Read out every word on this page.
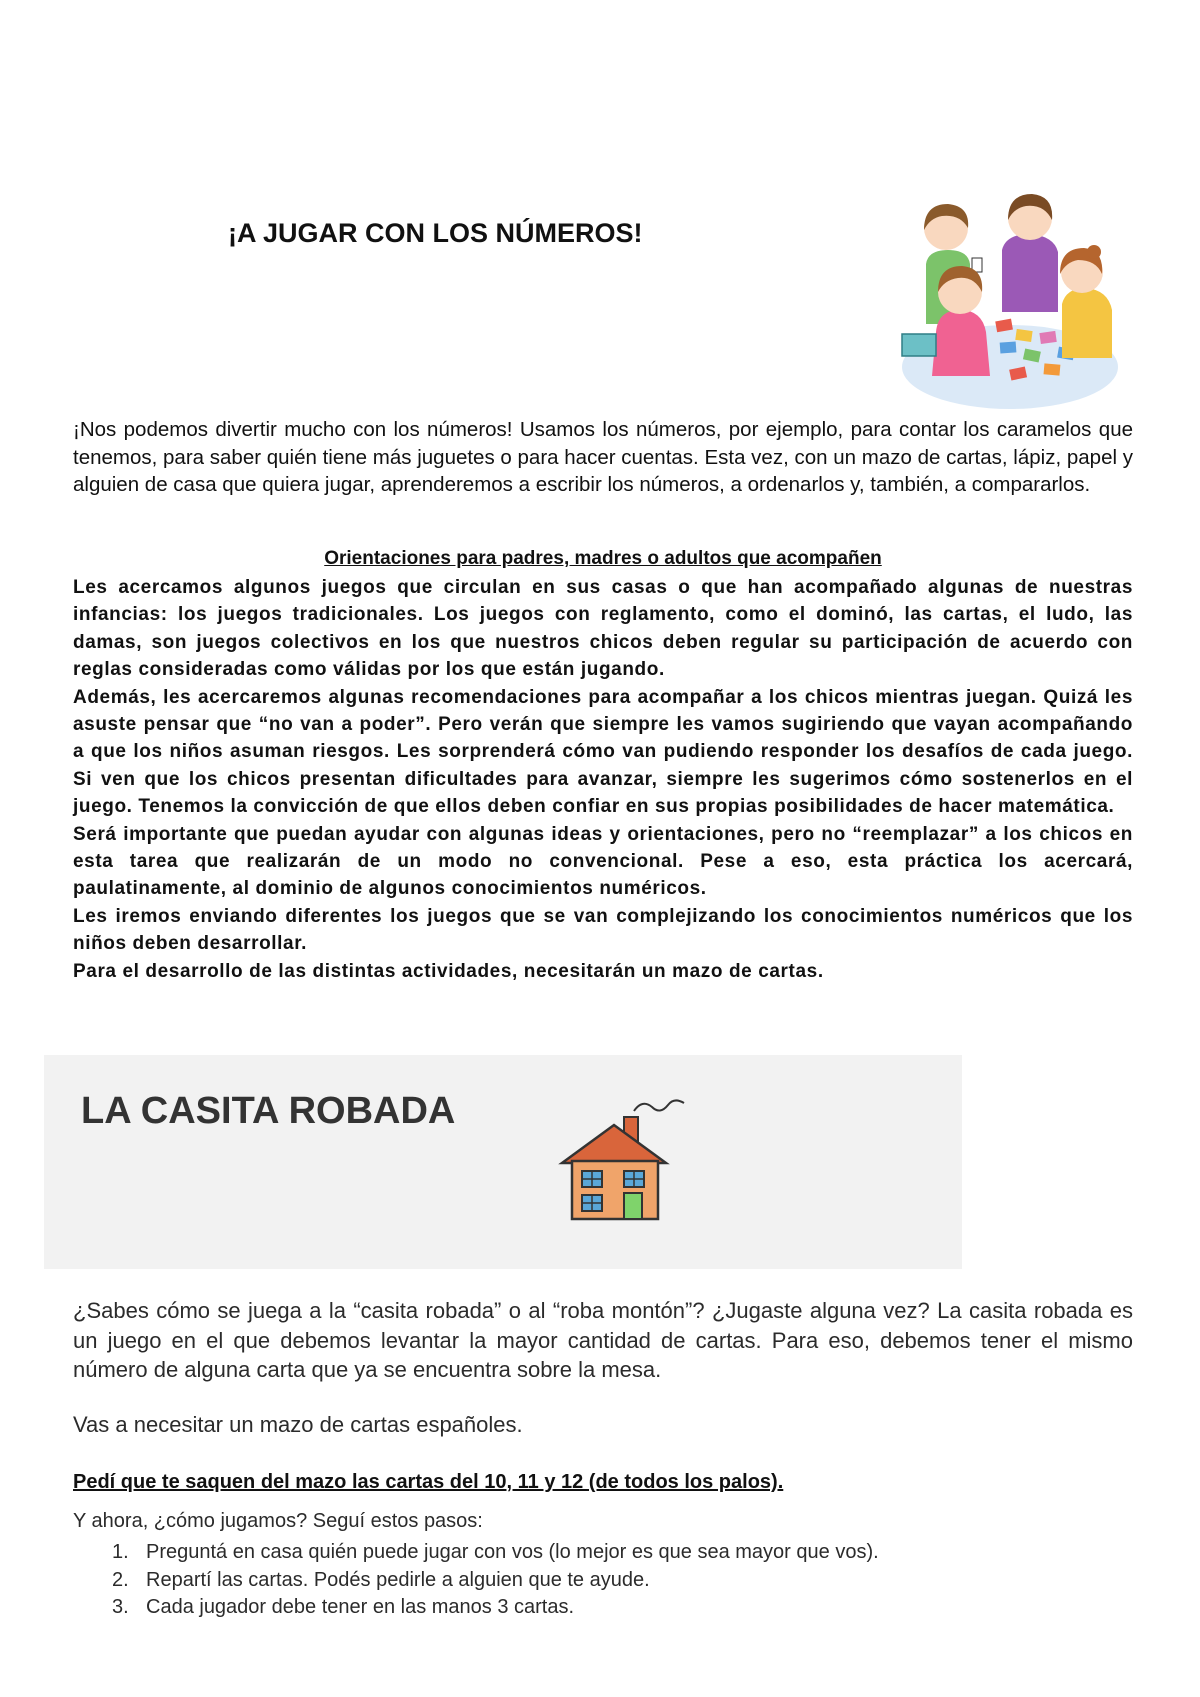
¡A JUGAR CON LOS NÚMEROS!

¡Nos podemos divertir mucho con los números! Usamos los números, por ejemplo, para contar los caramelos que tenemos, para saber quién tiene más juguetes o para hacer cuentas. Esta vez, con un mazo de cartas, lápiz, papel y alguien de casa que quiera jugar, aprenderemos a escribir los números, a ordenarlos y, también, a compararlos.

Orientaciones para padres, madres o adultos que acompañen

Les acercamos algunos juegos que circulan en sus casas o que han acompañado algunas de nuestras infancias: los juegos tradicionales. Los juegos con reglamento, como el dominó, las cartas, el ludo, las damas, son juegos colectivos en los que nuestros chicos deben regular su participación de acuerdo con reglas consideradas como válidas por los que están jugando.

Además, les acercaremos algunas recomendaciones para acompañar a los chicos mientras juegan. Quizá les asuste pensar que “no van a poder”. Pero verán que siempre les vamos sugiriendo que vayan acompañando a que los niños asuman riesgos. Les sorprenderá cómo van pudiendo responder los desafíos de cada juego. Si ven que los chicos presentan dificultades para avanzar, siempre les sugerimos cómo sostenerlos en el juego. Tenemos la convicción de que ellos deben confiar en sus propias posibilidades de hacer matemática.

Será importante que puedan ayudar con algunas ideas y orientaciones, pero no “reemplazar” a los chicos en esta tarea que realizarán de un modo no convencional. Pese a eso, esta práctica los acercará, paulatinamente, al dominio de algunos conocimientos numéricos.

Les iremos enviando diferentes los juegos que se van complejizando los conocimientos numéricos que los niños deben desarrollar.

Para el desarrollo de las distintas actividades, necesitarán un mazo de cartas.

LA CASITA ROBADA

¿Sabes cómo se juega a la “casita robada” o al “roba montón”? ¿Jugaste alguna vez? La casita robada es un juego en el que debemos levantar la mayor cantidad de cartas. Para eso, debemos tener el mismo número de alguna carta que ya se encuentra sobre la mesa.

Vas a necesitar un mazo de cartas españoles.

Pedí que te saquen del mazo las cartas del 10, 11 y 12 (de todos los palos).

Y ahora, ¿cómo jugamos? Seguí estos pasos:

1. Preguntá en casa quién puede jugar con vos (lo mejor es que sea mayor que vos).
2. Repartí las cartas. Podés pedirle a alguien que te ayude.
3. Cada jugador debe tener en las manos 3 cartas.
